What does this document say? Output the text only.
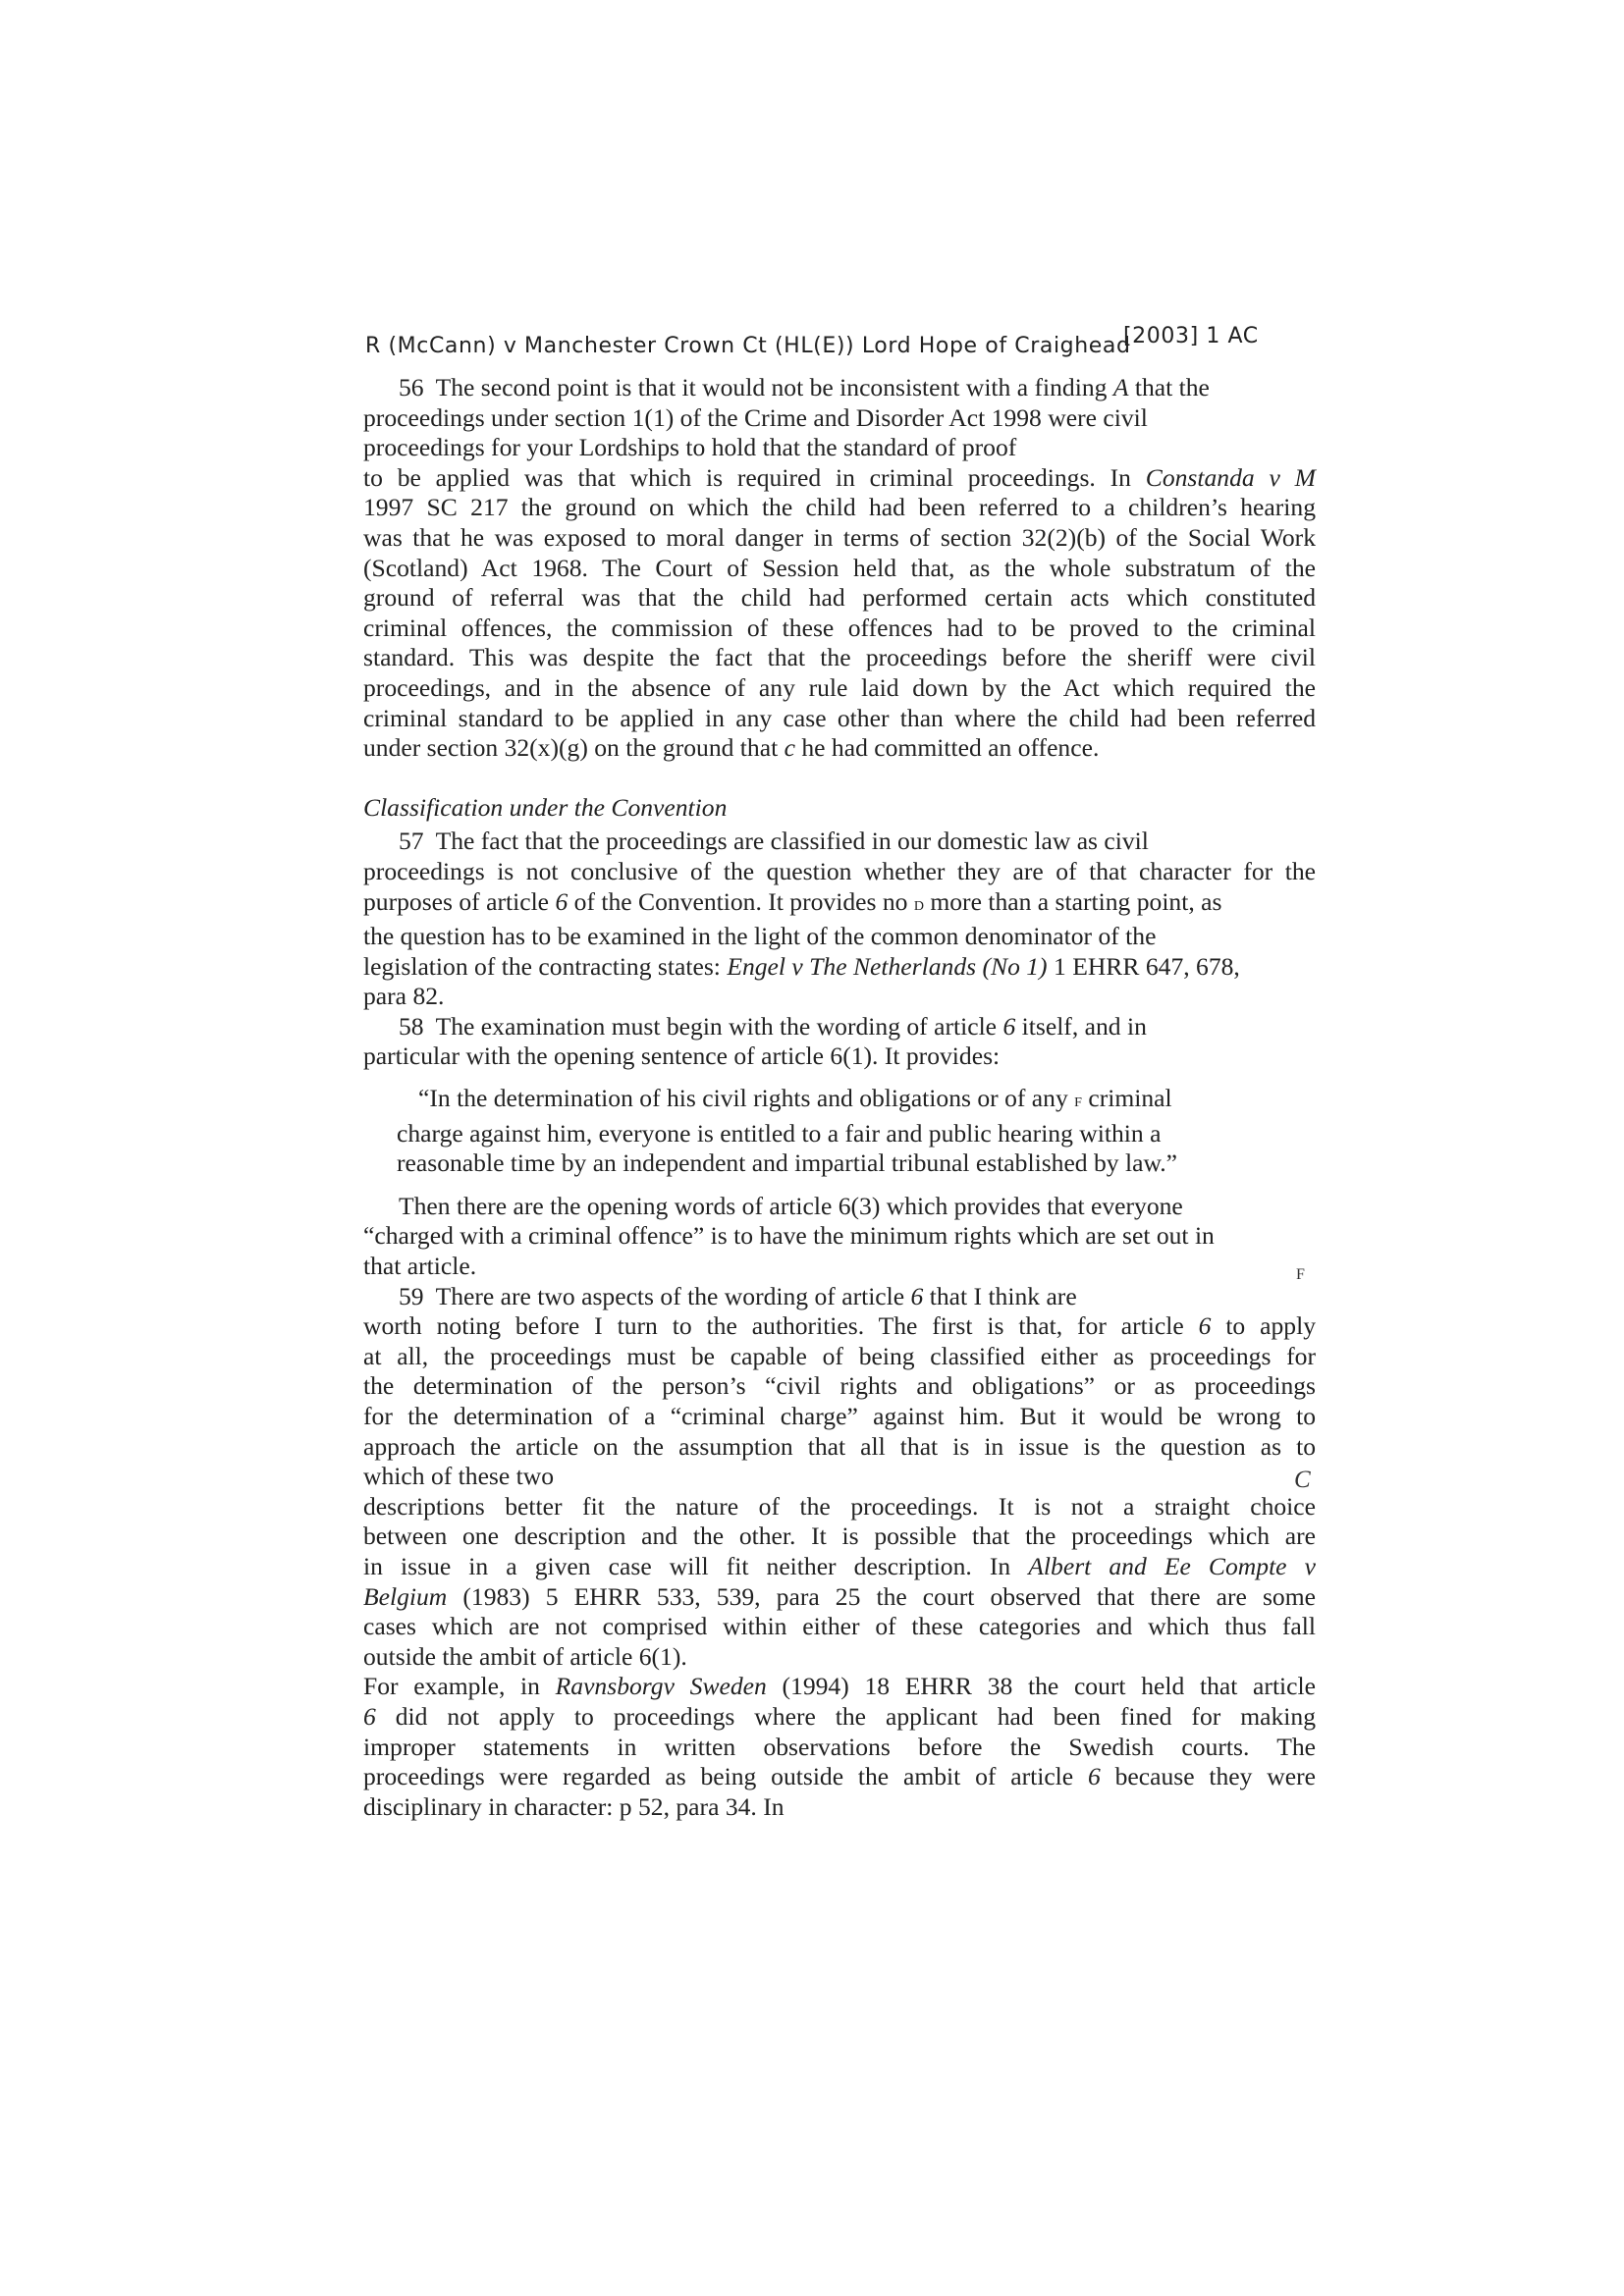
R (McCann) v Manchester Crown Ct (HL(E)) Lord Hope of Craighead
[2003] 1 AC

56 The second point is that it would not be inconsistent with a finding A that the
proceedings under section 1(1) of the Crime and Disorder Act 1998 were civil
proceedings for your Lordships to hold that the standard of proof
to be applied was that which is required in criminal proceedings. In Constanda v M
1997 SC 217 the ground on which the child had been referred to a children’s hearing
was that he was exposed to moral danger in terms of section 32(2)(b) of the Social Work
(Scotland) Act 1968. The Court of Session held that, as the whole substratum of the
ground of referral was that the child had performed certain acts which constituted
criminal offences, the commission of these offences had to be proved to the criminal
standard. This was despite the fact that the proceedings before the sheriff were civil
proceedings, and in the absence of any rule laid down by the Act which required the
criminal standard to be applied in any case other than where the child had been referred
under section 32(x)(g) on the ground that c he had committed an offence.

Classification under the Convention

57 The fact that the proceedings are classified in our domestic law as civil
proceedings is not conclusive of the question whether they are of that character for the
purposes of article 6 of the Convention. It provides no D more than a starting point, as
the question has to be examined in the light of the common denominator of the
legislation of the contracting states: Engel v The Netherlands (No 1) 1 EHRR 647, 678,
para 82.

58 The examination must begin with the wording of article 6 itself, and in
particular with the opening sentence of article 6(1). It provides:

“In the determination of his civil rights and obligations or of any F criminal
charge against him, everyone is entitled to a fair and public hearing within a
reasonable time by an independent and impartial tribunal established by law.”

Then there are the opening words of article 6(3) which provides that everyone
“charged with a criminal offence” is to have the minimum rights which are set out in
that article.

59 There are two aspects of the wording of article 6 that I think are
worth noting before I turn to the authorities. The first is that, for article 6 to apply
at all, the proceedings must be capable of being classified either as proceedings for
the determination of the person’s “civil rights and obligations” or as proceedings
for the determination of a “criminal charge” against him. But it would be wrong to
approach the article on the assumption that all that is in issue is the question as to
which of these two
descriptions better fit the nature of the proceedings. It is not a straight choice
between one description and the other. It is possible that the proceedings which are
in issue in a given case will fit neither description. In Albert and Ee Compte v
Belgium (1983) 5 EHRR 533, 539, para 25 the court observed that there are some
cases which are not comprised within either of these categories and which thus fall
outside the ambit of article 6(1).
For example, in Ravnsborgv Sweden (1994) 18 EHRR 38 the court held that article
6 did not apply to proceedings where the applicant had been fined for making
improper statements in written observations before the Swedish courts. The
proceedings were regarded as being outside the ambit of article 6 because they were
disciplinary in character: p 52, para 34. In

F
C
